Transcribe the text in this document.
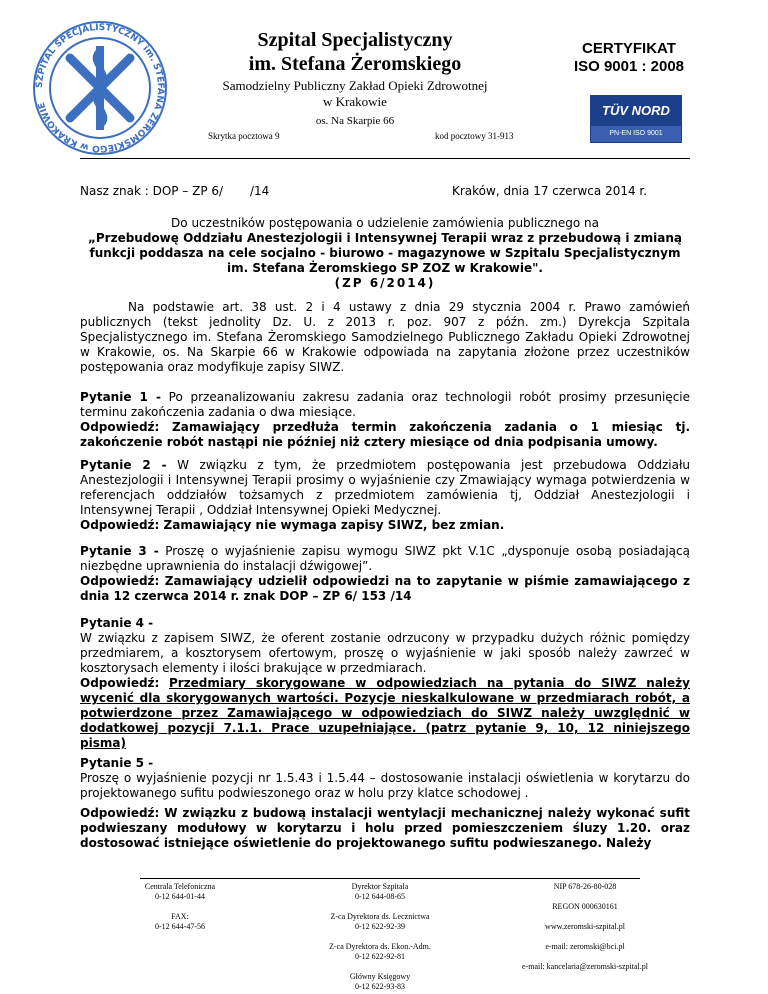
SZPITAL SPECJALISTYCZNY im. STEFANA ŻEROMSKIEGO w KRAKOWIE
Szpital Specjalistyczny
im. Stefana Żeromskiego
Samodzielny Publiczny Zakład Opieki Zdrowotnej
w Krakowie
os. Na Skarpie 66
Skrytka pocztowa 9	kod pocztowy 31-913
CERTYFIKAT
ISO 9001 : 2008
TÜV NORD
PN-EN ISO 9001
Nasz znak : DOP – ZP 6/ /14	Kraków, dnia 17 czerwca 2014 r.
Do uczestników postępowania o udzielenie zamówienia publicznego na
„Przebudowę Oddziału Anestezjologii i Intensywnej Terapii wraz z przebudową i zmianą
funkcji poddasza na cele socjalno - biurowo - magazynowe w Szpitalu Specjalistycznym
im. Stefana Żeromskiego SP ZOZ w Krakowie".
(ZP 6/2014)

Na podstawie art. 38 ust. 2 i 4 ustawy z dnia 29 stycznia 2004 r. Prawo zamówień publicznych (tekst jednolity Dz. U. z 2013 r. poz. 907 z późn. zm.) Dyrekcja Szpitala Specjalistycznego im. Stefana Żeromskiego Samodzielnego Publicznego Zakładu Opieki Zdrowotnej w Krakowie, os. Na Skarpie 66 w Krakowie odpowiada na zapytania złożone przez uczestników postępowania oraz modyfikuje zapisy SIWZ.

Pytanie 1 - Po przeanalizowaniu zakresu zadania oraz technologii robót prosimy przesunięcie terminu zakończenia zadania o dwa miesiące.

Odpowiedź: Zamawiający przedłuża termin zakończenia zadania o 1 miesiąc tj. zakończenie robót nastąpi nie później niż cztery miesiące od dnia podpisania umowy.

Pytanie 2 - W związku z tym, że przedmiotem postępowania jest przebudowa Oddziału Anestezjologii i Intensywnej Terapii prosimy o wyjaśnienie czy Zmawiający wymaga potwierdzenia w referencjach oddziałów tożsamych z przedmiotem zamówienia tj, Oddział Anestezjologii i Intensywnej Terapii , Oddział Intensywnej Opieki Medycznej.

Odpowiedź: Zamawiający nie wymaga zapisy SIWZ, bez zmian.

Pytanie 3 - Proszę o wyjaśnienie zapisu wymogu SIWZ pkt V.1C „dysponuje osobą posiadającą niezbędne uprawnienia do instalacji dźwigowej”.

Odpowiedź: Zamawiający udzielił odpowiedzi na to zapytanie w piśmie zamawiającego z dnia 12 czerwca 2014 r. znak DOP – ZP 6/ 153 /14

Pytanie 4 -

W związku z zapisem SIWZ, że oferent zostanie odrzucony w przypadku dużych różnic pomiędzy przedmiarem, a kosztorysem ofertowym, proszę o wyjaśnienie w jaki sposób należy zawrzeć w kosztorysach elementy i ilości brakujące w przedmiarach.

Odpowiedź: Przedmiary skorygowane w odpowiedziach na pytania do SIWZ należy wycenić dla skorygowanych wartości. Pozycje nieskalkulowane w przedmiarach robót, a potwierdzone przez Zamawiającego w odpowiedziach do SIWZ należy uwzględnić w dodatkowej pozycji 7.1.1. Prace uzupełniające. (patrz pytanie 9, 10, 12 niniejszego pisma)

Pytanie 5 -

Proszę o wyjaśnienie pozycji nr 1.5.43 i 1.5.44 – dostosowanie instalacji oświetlenia w korytarzu do projektowanego sufitu podwieszonego oraz w holu przy klatce schodowej .

Odpowiedź: W związku z budową instalacji wentylacji mechanicznej należy wykonać sufit podwieszany modułowy w korytarzu i holu przed pomieszczeniem śluzy 1.20. oraz dostosować istniejące oświetlenie do projektowanego sufitu podwieszanego. Należy

Centrala Telefoniczna
0-12 644-01-44
FAX:
0-12 644-47-56
Dyrektor Szpitala
0-12 644-08-65
Z-ca Dyrektora ds. Lecznictwa
0-12 622-92-39
Z-ca Dyrektora ds. Ekon.-Adm.
0-12 622-92-81
Główny Księgowy
0-12 622-93-83
NIP 678-26-80-028
REGON 000630161
www.zeromski-szpital.pl
e-mail: zeromski@bci.pl
e-mail: kancelaria@zeromski-szpital.pl
